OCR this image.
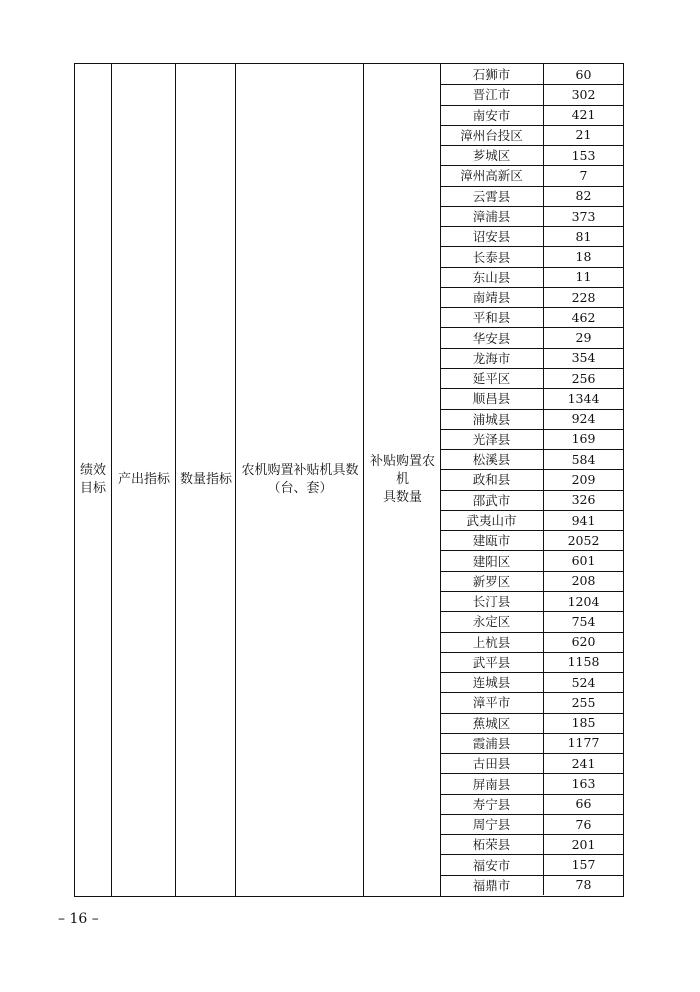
绩效
目标
产出指标 数量指标
农机购置补贴机具数
（台、套）
补贴购置农机
具数量
石狮市	60
晋江市	302
南安市	421
漳州台投区	21
芗城区	153
漳州高新区	7
云霄县	82
漳浦县	373
诏安县	81
长泰县	18
东山县	11
南靖县	228
平和县	462
华安县	29
龙海市	354
延平区	256
顺昌县	1344
浦城县	924
光泽县	169
松溪县	584
政和县	209
邵武市	326
武夷山市	941
建瓯市	2052
建阳区	601
新罗区	208
长汀县	1204
永定区	754
上杭县	620
武平县	1158
连城县	524
漳平市	255
蕉城区	185
霞浦县	1177
古田县	241
屏南县	163
寿宁县	66
周宁县	76
柘荣县	201
福安市	157
福鼎市	78
– 16 –
